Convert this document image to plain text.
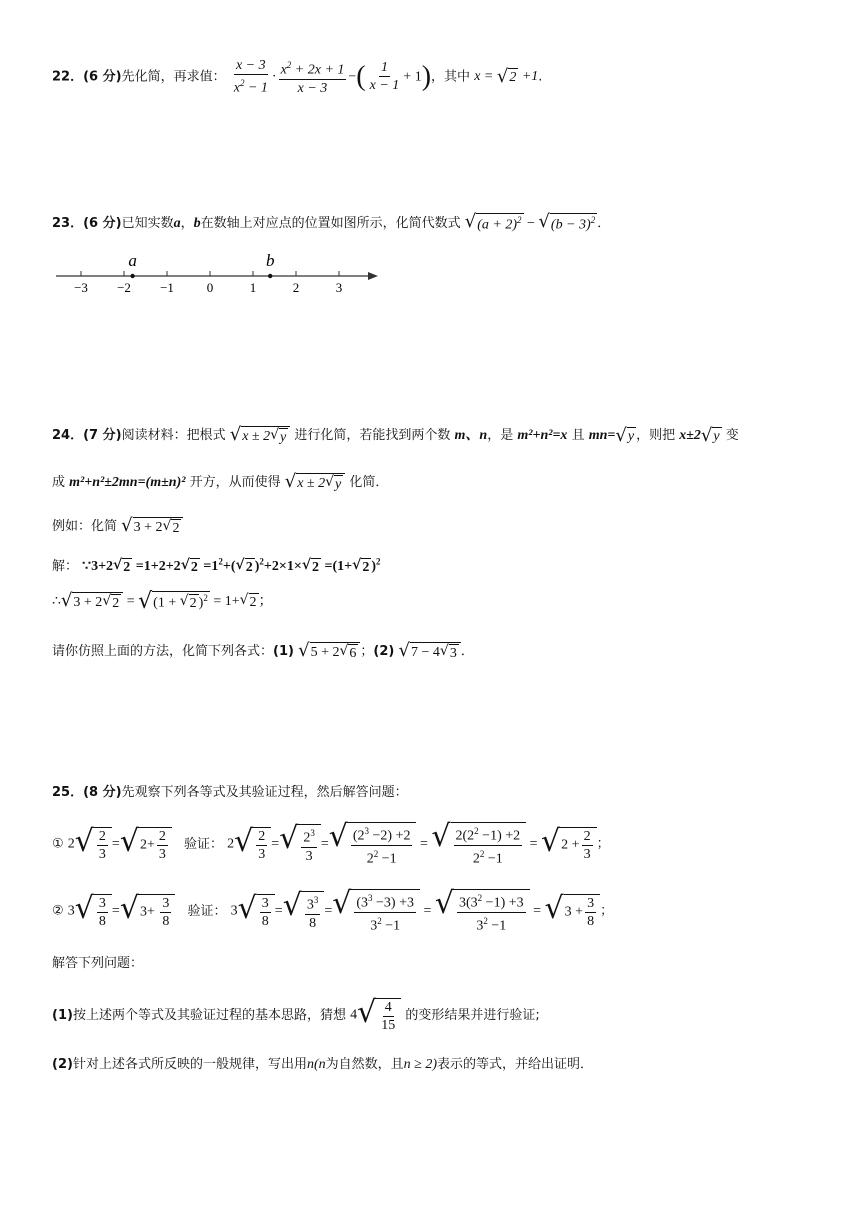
22．(6 分)先化简，再求值： $\frac{x - 3}{x^2 - 1} \cdot \frac{x^2 + 2x + 1}{x - 3}$ −( $\frac{1}{x - 1} + 1$)，其中 x = √ 2 +1.
23．(6 分)已知实数a，b在数轴上对应点的位置如图所示，化简代数式 √ $(a + 2)^2$ − √ $(b - 3)^2$ ．
−3 −2 −1	0	1	2	3
a	b
24．(7 分)阅读材料：把根式 √ x ± 2 √ y 进行化简，若能找到两个数 m、n，是 m²+n²=x 且 mn= √ y ，则把 x±2 √ y 变
成 m²+n²±2mn=(m±n)² 开方，从而使得 √ x ± 2 √ y 化简．
例如：化简 √ 3 + 2 √ 2
解： ∵3+2 √ 2 =1+2+2 √ $2 =1^2+$( √ 2 )$^2$+2×1× √ 2 =(1+ √ 2 )$^2$
∴ √ 3 + 2 √ 2 = √ (1 + √ 2 )$^2$ = 1+ √ 2 ；
请你仿照上面的方法，化简下列各式：(1) √ 5 + 2 √ 6 ；(2) √ 7 − 4 √ 3 ．
25．(8 分)先观察下列各等式及其验证过程，然后解答问题：
① 2 √ $\frac{2}{3}$ = √ $2+ \frac{2}{3}$ 验证： 2 √ $\frac{2}{3}$ = √ $\frac{2^3}{3}$ = √ $\frac{(2^3 -2) +2}{2^2 -1}$ = √ $\frac{2(2^2 -1) +2}{2^2 -1}$ = √ $2 + \frac{2}{3}$ ；
② 3 √ $\frac{3}{8}$ = √ $3+ \frac{3}{8}$ 验证： 3 √ $\frac{3}{8}$ = √ $\frac{3^3}{8}$ = √ $\frac{(3^3 -3) +3}{3^2 -1}$ = √ $\frac{3(3^2 -1) +3}{3^2 -1}$ = √ $3 + \frac{3}{8}$ ；
解答下列问题：
(1)按上述两个等式及其验证过程的基本思路，猜想 4 √ $\frac{4}{15}$ 的变形结果并进行验证;
(2)针对上述各式所反映的一般规律，写出用n(n为自然数，且n ≥ 2)表示的等式，并给出证明．
